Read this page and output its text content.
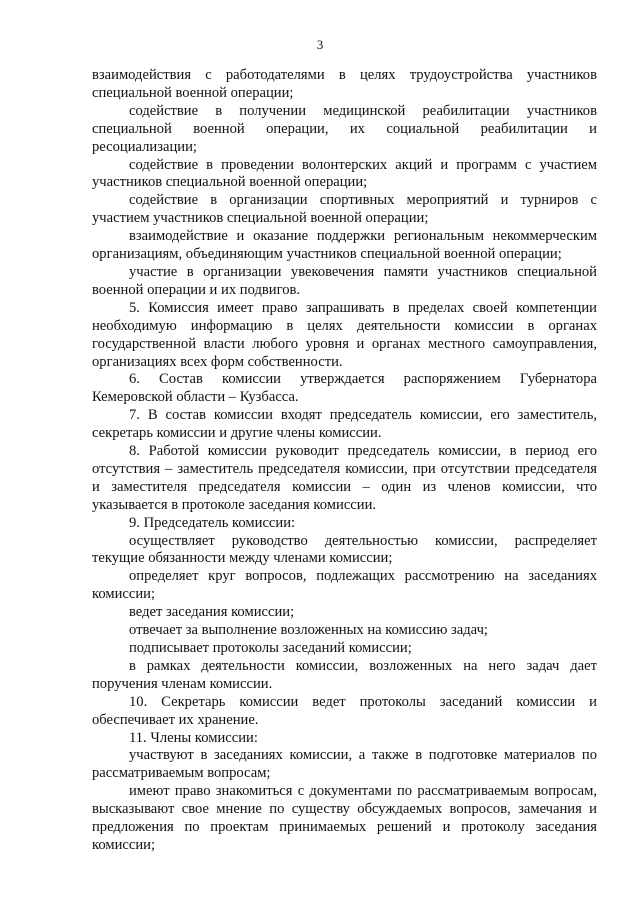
3

взаимодействия с работодателями в целях трудоустройства участников специальной военной операции;

содействие в получении медицинской реабилитации участников специальной военной операции, их социальной реабилитации и ресоциализации;

содействие в проведении волонтерских акций и программ с участием участников специальной военной операции;

содействие в организации спортивных мероприятий и турниров с участием участников специальной военной операции;

взаимодействие и оказание поддержки региональным некоммерческим организациям, объединяющим участников специальной военной операции;

участие в организации увековечения памяти участников специальной военной операции и их подвигов.

5. Комиссия имеет право запрашивать в пределах своей компетенции необходимую информацию в целях деятельности комиссии в органах государственной власти любого уровня и органах местного самоуправления, организациях всех форм собственности.

6. Состав комиссии утверждается распоряжением Губернатора Кемеровской области – Кузбасса.

7. В состав комиссии входят председатель комиссии, его заместитель, секретарь комиссии и другие члены комиссии.

8. Работой комиссии руководит председатель комиссии, в период его отсутствия – заместитель председателя комиссии, при отсутствии председателя и заместителя председателя комиссии – один из членов комиссии, что указывается в протоколе заседания комиссии.

9. Председатель комиссии:

осуществляет руководство деятельностью комиссии, распределяет текущие обязанности между членами комиссии;

определяет круг вопросов, подлежащих рассмотрению на заседаниях комиссии;

ведет заседания комиссии;

отвечает за выполнение возложенных на комиссию задач;

подписывает протоколы заседаний комиссии;

в рамках деятельности комиссии, возложенных на него задач дает поручения членам комиссии.

10. Секретарь комиссии ведет протоколы заседаний комиссии и обеспечивает их хранение.

11. Члены комиссии:

участвуют в заседаниях комиссии, а также в подготовке материалов по рассматриваемым вопросам;

имеют право знакомиться с документами по рассматриваемым вопросам, высказывают свое мнение по существу обсуждаемых вопросов, замечания и предложения по проектам принимаемых решений и протоколу заседания комиссии;
